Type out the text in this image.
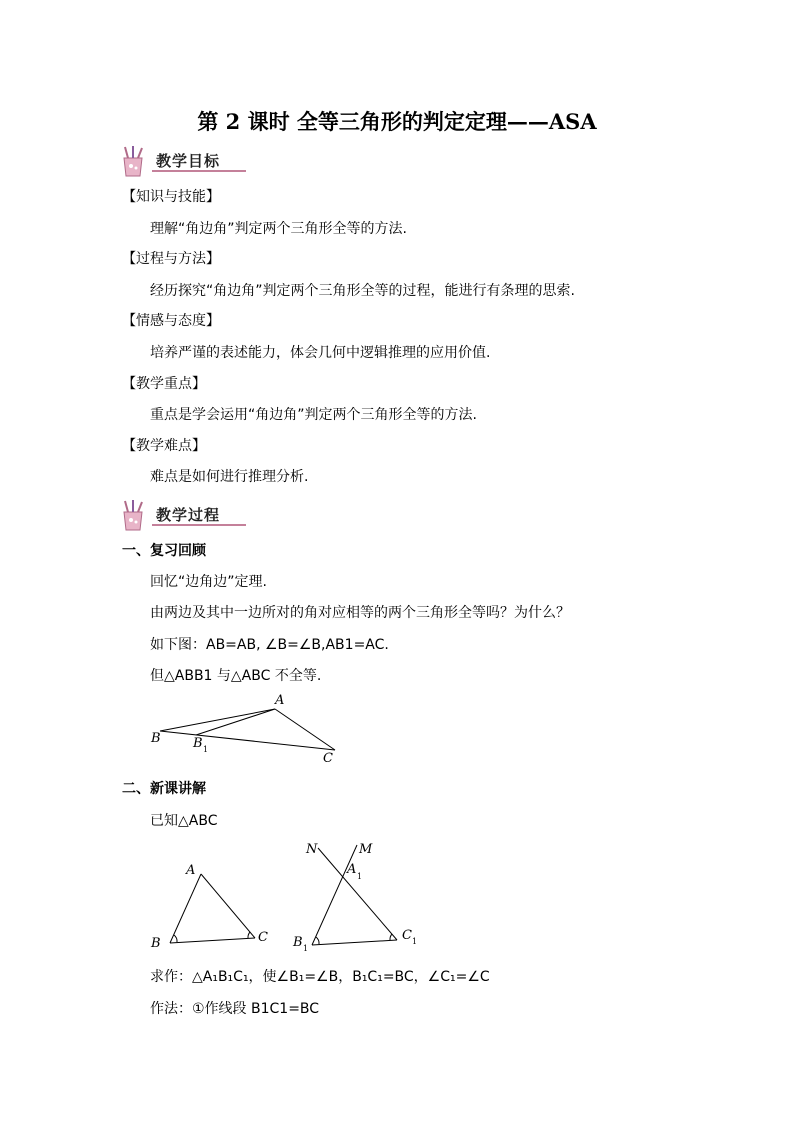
第 2 课时 全等三角形的判定定理——ASA
教学目标
【知识与技能】
理解“角边角”判定两个三角形全等的方法.
【过程与方法】
经历探究“角边角”判定两个三角形全等的过程，能进行有条理的思索.
【情感与态度】
培养严谨的表述能力，体会几何中逻辑推理的应用价值.
【教学重点】
重点是学会运用“角边角”判定两个三角形全等的方法.
【教学难点】
难点是如何进行推理分析.
教学过程
一、复习回顾
回忆“边角边”定理.
由两边及其中一边所对的角对应相等的两个三角形全等吗？为什么？
如下图：AB=AB, ∠B=∠B,AB1=AC.
但△ABB1 与△ABC 不全等.
A
B B 1
C
二、新课讲解
已知△ABC
A
B	C
N	M
A 1
B 1
C 1
求作：△A₁B₁C₁，使∠B₁=∠B，B₁C₁=BC，∠C₁=∠C
作法：①作线段 B1C1=BC
